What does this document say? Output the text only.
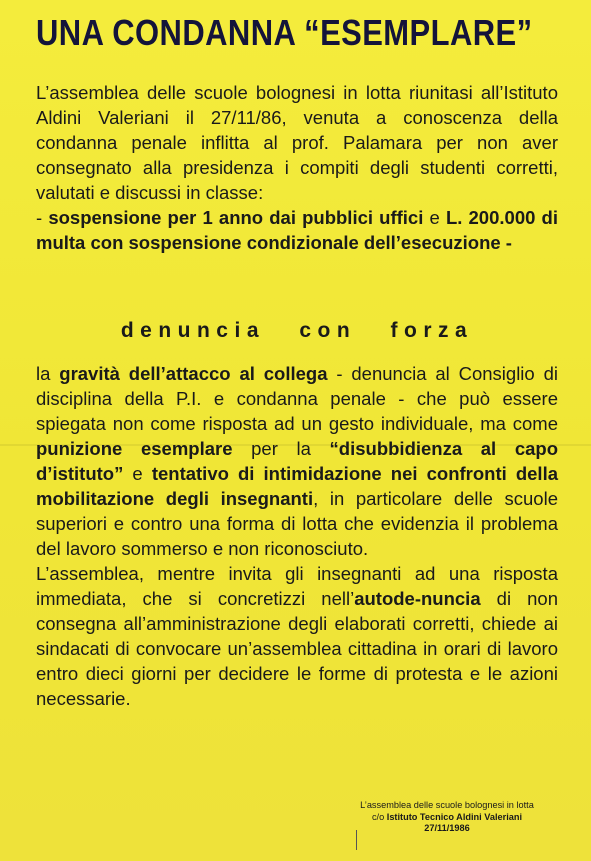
UNA CONDANNA “ESEMPLARE”

L’assemblea delle scuole bolognesi in lotta riunitasi all’Istituto Aldini Valeriani il 27/11/86, venuta a conoscenza della condanna penale inflitta al prof. Palamara per non aver consegnato alla presidenza i compiti degli studenti corretti, valutati e discussi in classe:
- sospensione per 1 anno dai pubblici uffici e L. 200.000 di multa con sospensione condizionale dell’esecuzione -

denuncia con forza

la gravità dell’attacco al collega - denuncia al Consiglio di disciplina della P.I. e condanna penale - che può essere spiegata non come risposta ad un gesto individuale, ma come punizione esemplare per la “disubbidienza al capo d’istituto” e tentativo di intimidazione nei confronti della mobilitazione degli insegnanti, in particolare delle scuole superiori e contro una forma di lotta che evidenzia il problema del lavoro sommerso e non riconosciuto.

L’assemblea, mentre invita gli insegnanti ad una risposta immediata, che si concretizzi nell’autode-nuncia di non consegna all’amministrazione degli elaborati corretti, chiede ai sindacati di convocare un’assemblea cittadina in orari di lavoro entro dieci giorni per decidere le forme di protesta e le azioni necessarie.

L’assemblea delle scuole bolognesi in lotta
c/o Istituto Tecnico Aldini Valeriani
27/11/1986
